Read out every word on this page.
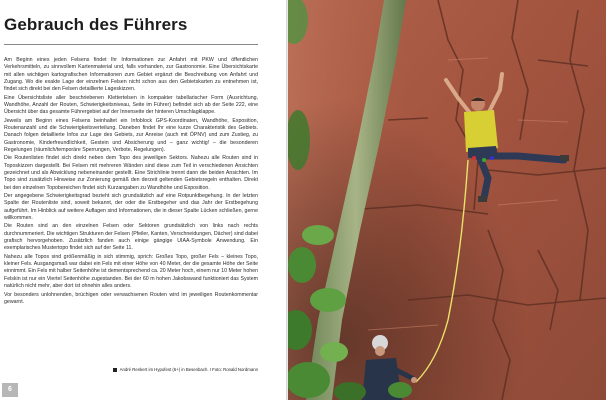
Gebrauch des Führers

Am Beginn eines jeden Felsens findet Ihr Informationen zur Anfahrt mit PKW und öffentlichen Verkehrsmitteln, zu sinnvollem Kartenmaterial und, falls vorhanden, zur Gastronomie. Eine Übersichtskarte mit allen wichtigen kartografischen Informationen zum Gebiet ergänzt die Beschreibung von Anfahrt und Zugang. Wo die exakte Lage der einzelnen Felsen nicht schon aus den Gebietskarten zu entnehmen ist, findet sich direkt bei den Felsen detaillierte Lageskizzen.

Eine Übersichtsliste aller beschriebenen Klettertelsen in kompakter tabellarischer Form (Ausrichtung, Wandhöhe, Anzahl der Routen, Schwierigkeitsniveau, Seite im Führer) befindet sich ab der Seite 222, eine Übersicht über das gesamte Führergebiet auf der Innenseite der hinteren Umschlagklappe.

Jeweils am Beginn eines Felsens beinhaltet ein Infoblock GPS-Koordinaten, Wandhöhe, Exposition, Routenanzahl und die Schwierigkeitsverteilung. Daneben findet Ihr eine kurze Charakteristik des Gebiets. Danach folgen detaillierte Infos zur Lage des Gebiets, zur Anreise (auch mit ÖPNV) und zum Zustieg, zu Gastronomie, Kinderfreundlichkeit, Gestein und Absicherung und – ganz wichtig! – die besonderen Regelungen (räumlich/temporäre Sperrungen, Verbote, Regelungen).

Die Routenlisten findet sich direkt neben dem Topo des jeweiligen Sektors. Nahezu alle Routen sind in Toposkizzen dargestellt. Bei Felsen mit mehreren Wänden sind diese zum Teil in verschiedenen Ansichten gezeichnet und als Abwicklung nebeneinander gestellt. Eine Strichlinie trennt dann die beiden Ansichten. Im Topo sind zusätzlich Hinweise zur Zonierung gemäß den derzeit geltenden Gebietsregeln enthalten. Direkt bei den einzelnen Topobereichen findet sich Kurzangaben zu Wandhöhe und Exposition.

Der angegebene Schwierigkeitsgrad bezieht sich grundsätzlich auf eine Rotpunktbegehung. In der letzten Spalte der Routenliste sind, soweit bekannt, der oder die Erstbegeher und das Jahr der Erstbegehung aufgeführt. Im Hinblick auf weitere Auflagen sind Informationen, die in dieser Spalte Lücken schließen, gerne willkommen.

Die Routen sind an den einzelnen Felsen oder Sektoren grundsätzlich von links nach rechts durchnummeriert. Die wichtigen Strukturen der Felsen (Pfeiler, Kanten, Verschneidungen, Dächer) sind dabei grafisch hervorgehoben. Zusätzlich fanden auch einige gängige UIAA-Symbole Anwendung. Ein exemplarisches Mustertopo findet sich auf der Seite 11.

Nahezu alle Topos sind größenmäßig in sich stimmig, sprich: Großes Topo, großer Fels – kleines Topo, kleiner Fels. Ausgangsmaß war dabei ein Fels mit einer Höhe von 40 Meter, der die gesamte Höhe der Seite einnimmt. Ein Fels mit halber Seitenhöhe ist dementsprechend ca. 20 Meter hoch, einem nur 10 Meter hohen Felskin ist nur ein Viertel Seitenhöhe zugestanden. Bei der 60 m hohen Jakobswand funktioniert das System natürlich nicht mehr, aber dort ist ohnehin alles anders.

Vor besonders unlohnenden, brüchigen oder verwachsenen Routen wird im jeweiligen Routenkommentar gewarnt.

André Renkert im Hypofest (6+) in Besenbach. I Foto: Ronald Nordmann
6
